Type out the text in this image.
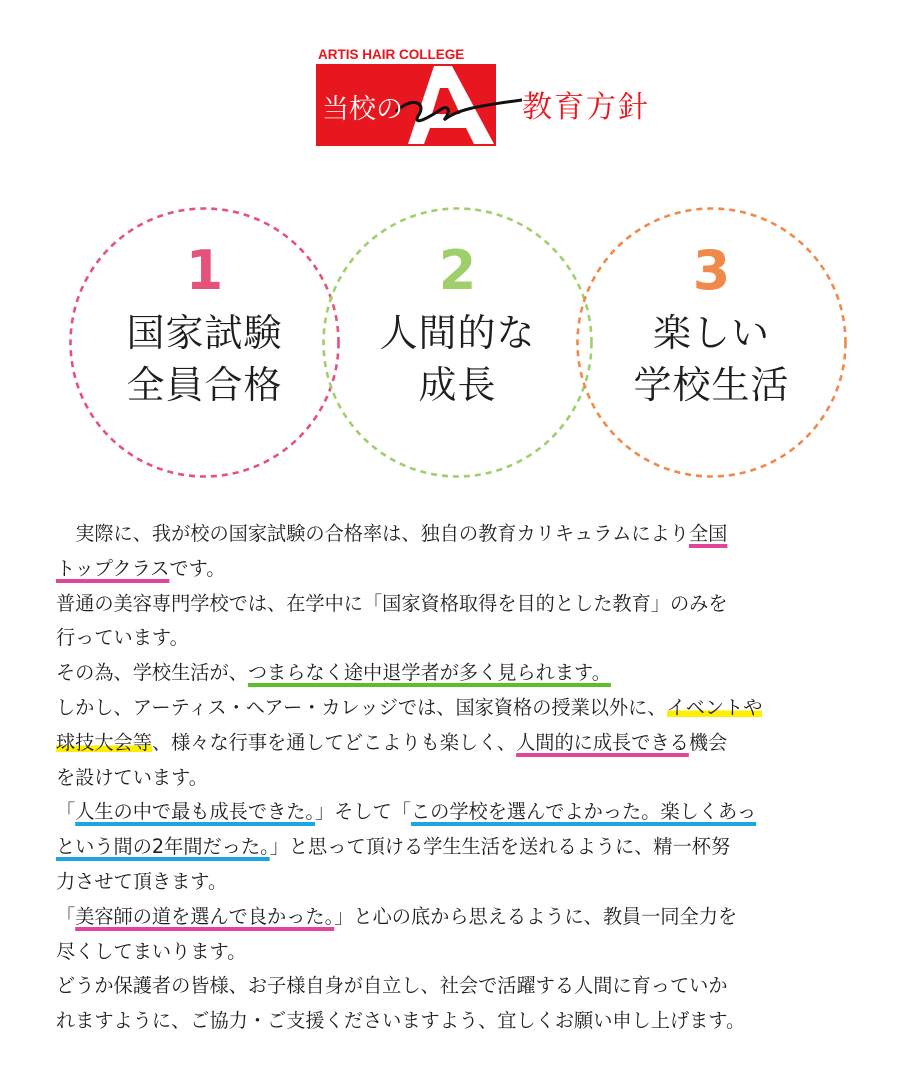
ARTIS HAIR COLLEGE
当校の	教育方針
1
国家試験
全員合格
2
人間的な
成長
3
楽しい
学校生活

　実際に、我が校の国家試験の合格率は、独自の教育カリキュラムにより全国

トップクラスです。

普通の美容専門学校では、在学中に「国家資格取得を目的とした教育」のみを

行っています。

その為、学校生活が、つまらなく途中退学者が多く見られます。

しかし、アーティス・ヘアー・カレッジでは、国家資格の授業以外に、イベントや

球技大会等、様々な行事を通してどこよりも楽しく、人間的に成長できる機会

を設けています。

「人生の中で最も成長できた。」そして「この学校を選んでよかった。楽しくあっ

という間の2年間だった。」と思って頂ける学生生活を送れるように、精一杯努

力させて頂きます。

「美容師の道を選んで良かった。」と心の底から思えるように、教員一同全力を

尽くしてまいります。

どうか保護者の皆様、お子様自身が自立し、社会で活躍する人間に育っていか

れますように、ご協力・ご支援くださいますよう、宜しくお願い申し上げます。
